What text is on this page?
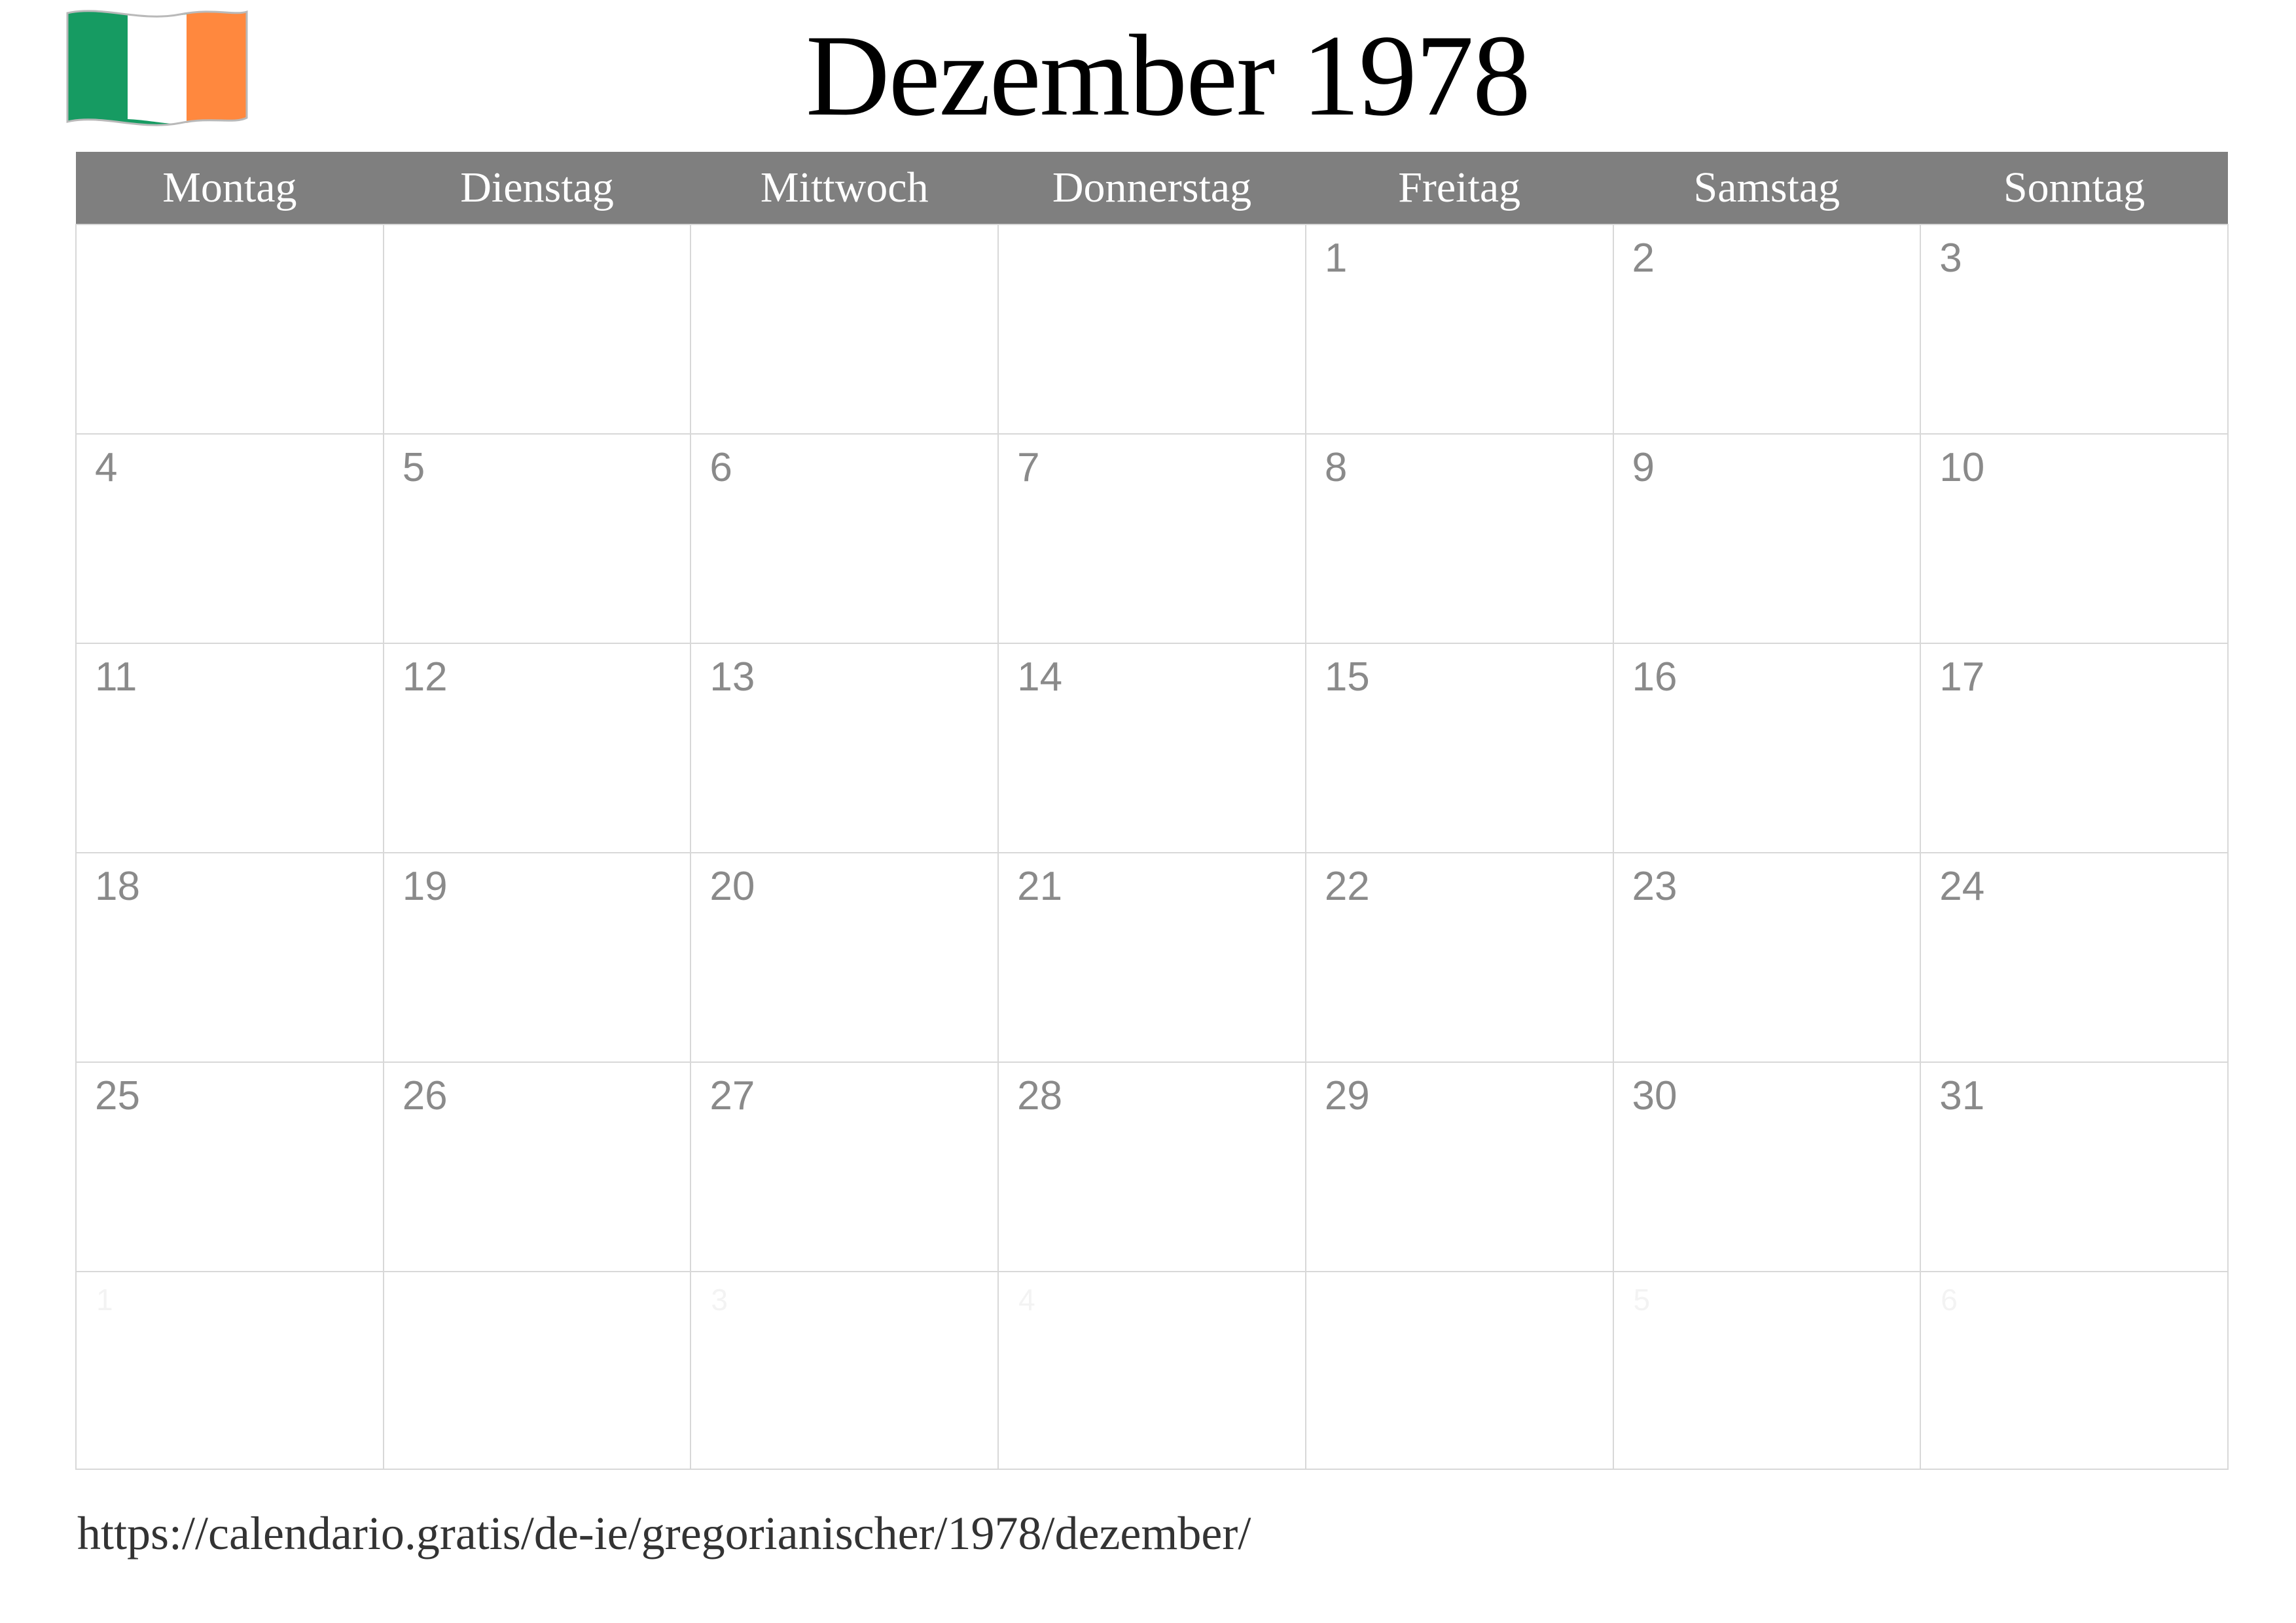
Dezember 1978
Montag	Dienstag	Mittwoch	Donnerstag	Freitag	Samstag	Sonntag

				1	2	3

4	5	6	7	8	9	10

11	12	13	14	15	16	17

18	19	20	21	22	23	24

25	26	27	28	29	30	31

1		3	4		5	6
https://calendario.gratis/de-ie/gregorianischer/1978/dezember/
